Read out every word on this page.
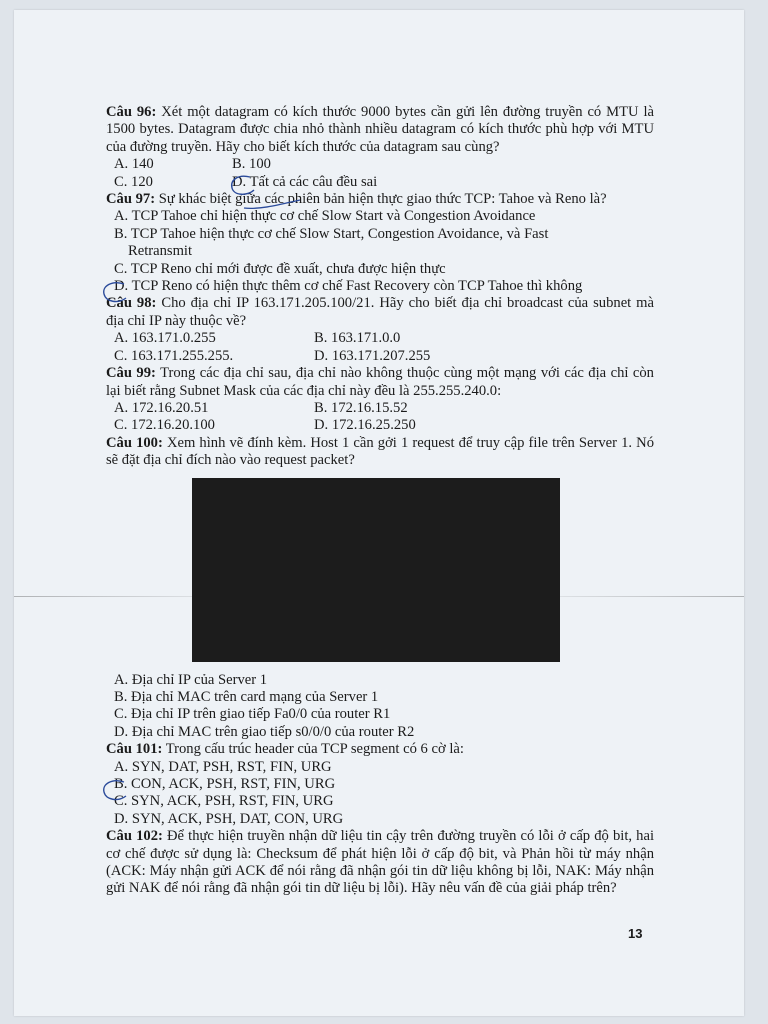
Câu 96: Xét một datagram có kích thước 9000 bytes cần gửi lên đường truyền có MTU là 1500 bytes. Datagram được chia nhỏ thành nhiều datagram có kích thước phù hợp với MTU của đường truyền. Hãy cho biết kích thước của datagram sau cùng?
A. 140	B. 100
C. 120	D. Tất cả các câu đều sai
Câu 97: Sự khác biệt giữa các phiên bản hiện thực giao thức TCP: Tahoe và Reno là?
A. TCP Tahoe chỉ hiện thực cơ chế Slow Start và Congestion Avoidance
B. TCP Tahoe hiện thực cơ chế Slow Start, Congestion Avoidance, và Fast
Retransmit
C. TCP Reno chỉ mới được đề xuất, chưa được hiện thực
D. TCP Reno có hiện thực thêm cơ chế Fast Recovery còn TCP Tahoe thì không
Câu 98: Cho địa chỉ IP 163.171.205.100/21. Hãy cho biết địa chỉ broadcast của subnet mà địa chỉ IP này thuộc về?
A. 163.171.0.255	B. 163.171.0.0
C. 163.171.255.255.	D. 163.171.207.255
Câu 99: Trong các địa chỉ sau, địa chỉ nào không thuộc cùng một mạng với các địa chỉ còn lại biết rằng Subnet Mask của các địa chỉ này đều là 255.255.240.0:
A. 172.16.20.51	B. 172.16.15.52
C. 172.16.20.100	D. 172.16.25.250
Câu 100: Xem hình vẽ đính kèm. Host 1 cần gởi 1 request để truy cập file trên Server 1. Nó sẽ đặt địa chỉ đích nào vào request packet?
A. Địa chỉ IP của Server 1
B. Địa chỉ MAC trên card mạng của Server 1
C. Địa chỉ IP trên giao tiếp Fa0/0 của router R1
D. Địa chỉ MAC trên giao tiếp s0/0/0 của router R2
Câu 101: Trong cấu trúc header của TCP segment có 6 cờ là:
A. SYN, DAT, PSH, RST, FIN, URG
B. CON, ACK, PSH, RST, FIN, URG
C. SYN, ACK, PSH, RST, FIN, URG
D. SYN, ACK, PSH, DAT, CON, URG
Câu 102: Để thực hiện truyền nhận dữ liệu tin cậy trên đường truyền có lỗi ở cấp độ bit, hai cơ chế được sử dụng là: Checksum để phát hiện lỗi ở cấp độ bit, và Phản hồi từ máy nhận (ACK: Máy nhận gửi ACK để nói rằng đã nhận gói tin dữ liệu không bị lỗi, NAK: Máy nhận gửi NAK để nói rằng đã nhận gói tin dữ liệu bị lỗi). Hãy nêu vấn đề của giải pháp trên?
13
